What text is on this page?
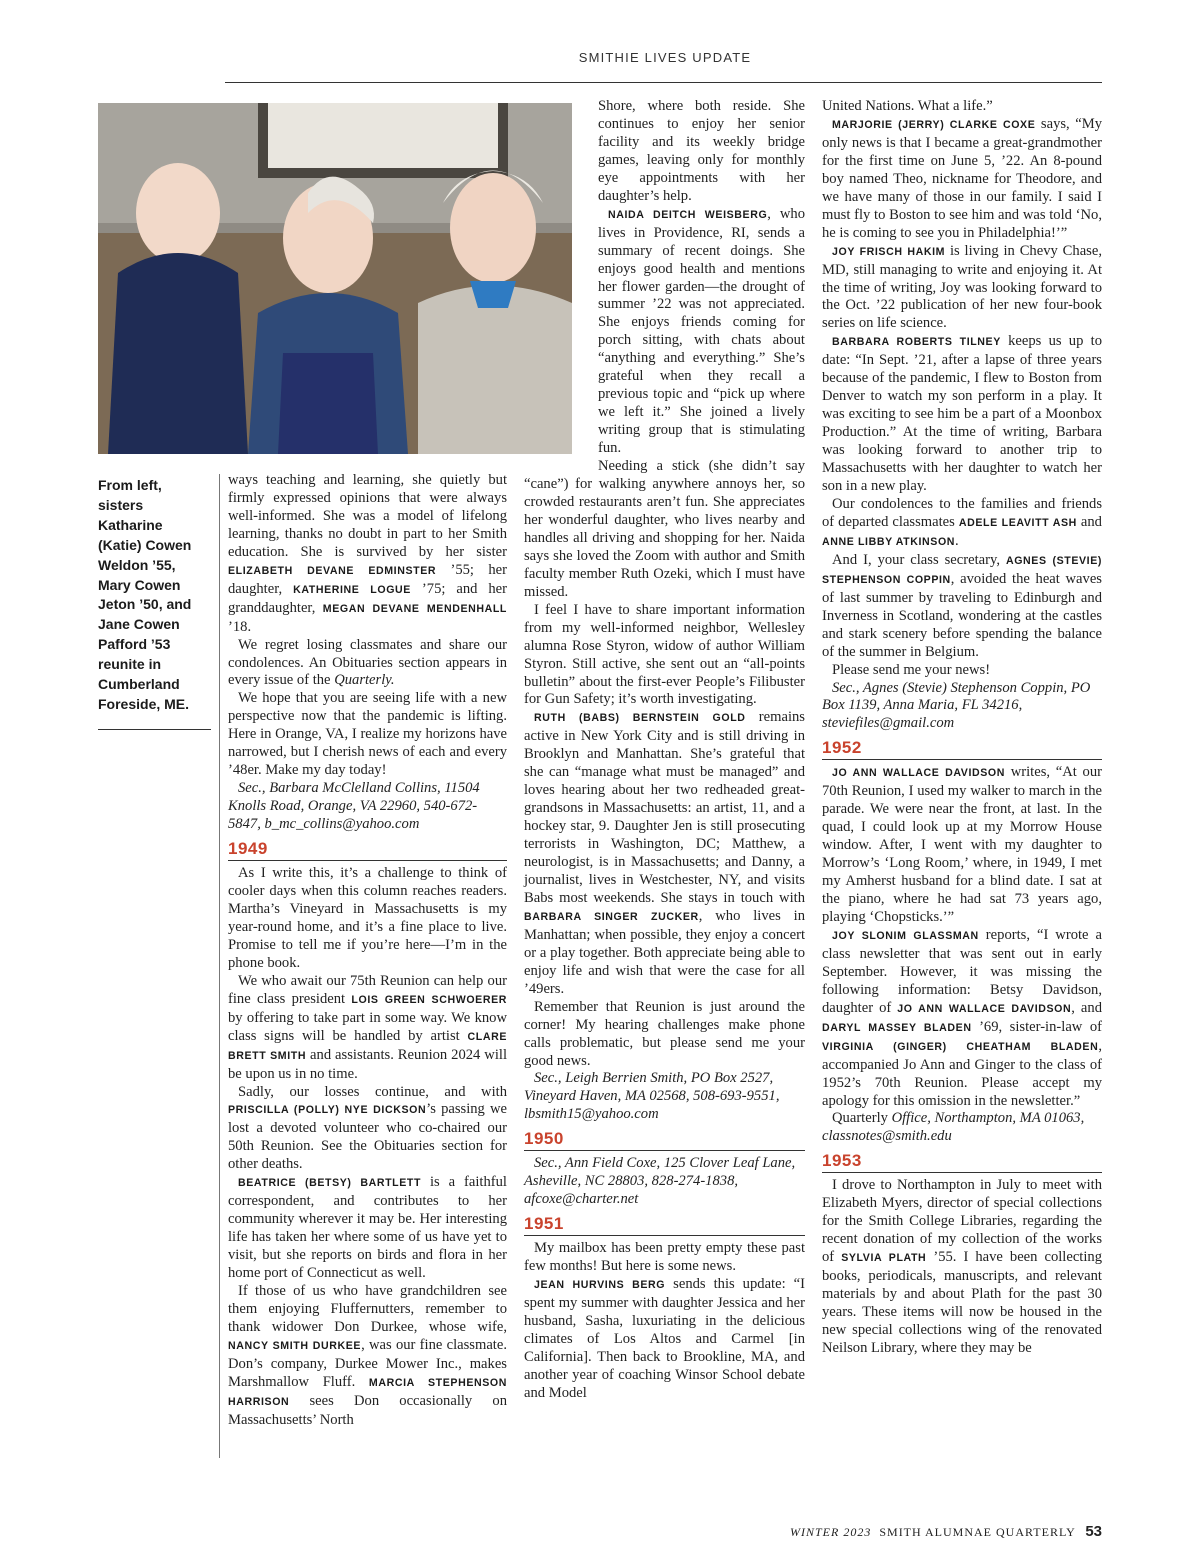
SMITHIE LIVES UPDATE
From left, sisters Katharine (Katie) Cowen Weldon ’55, Mary Cowen Jeton ’50, and Jane Cowen Pafford ’53 reunite in Cumberland Foreside, ME.

ways teaching and learning, she quietly but firmly expressed opinions that were always well-informed. She was a model of lifelong learning, thanks no doubt in part to her Smith education. She is survived by her sister ELIZABETH DEVANE EDMINSTER ’55; her daughter, KATHERINE LOGUE ’75; and her granddaughter, MEGAN DEVANE MENDENHALL ’18.

We regret losing classmates and share our condolences. An Obituaries section appears in every issue of the Quarterly.

We hope that you are seeing life with a new perspective now that the pandemic is lifting. Here in Orange, VA, I realize my horizons have narrowed, but I cherish news of each and every ’48er. Make my day today!

Sec., Barbara McClelland Collins, 11504 Knolls Road, Orange, VA 22960, 540-672-5847, b_mc_collins@yahoo.com

1949

As I write this, it’s a challenge to think of cooler days when this column reaches readers. Martha’s Vineyard in Massachusetts is my year-round home, and it’s a fine place to live. Promise to tell me if you’re here—I’m in the phone book.

We who await our 75th Reunion can help our fine class president LOIS GREEN SCHWOERER by offering to take part in some way. We know class signs will be handled by artist CLARE BRETT SMITH and assistants. Reunion 2024 will be upon us in no time.

Sadly, our losses continue, and with PRISCILLA (POLLY) NYE DICKSON’s passing we lost a devoted volunteer who co-chaired our 50th Reunion. See the Obituaries section for other deaths.

BEATRICE (BETSY) BARTLETT is a faithful correspondent, and contributes to her community wherever it may be. Her interesting life has taken her where some of us have yet to visit, but she reports on birds and flora in her home port of Connecticut as well.

If those of us who have grandchildren see them enjoying Fluffernutters, remember to thank widower Don Durkee, whose wife, NANCY SMITH DURKEE, was our fine classmate. Don’s company, Durkee Mower Inc., makes Marshmallow Fluff. MARCIA STEPHENSON HARRISON sees Don occasionally on Massachusetts’ North

Shore, where both reside. She continues to enjoy her senior facility and its weekly bridge games, leaving only for monthly eye appointments with her daughter’s help.

NAIDA DEITCH WEISBERG, who lives in Providence, RI, sends a summary of recent doings. She enjoys good health and mentions her flower garden—the drought of summer ’22 was not appreciated. She enjoys friends coming for porch sitting, with chats about “anything and everything.” She’s grateful when they recall a previous topic and “pick up where we left it.” She joined a lively writing group that is stimulating fun.

Needing a stick (she didn’t say “cane”) for walking anywhere annoys her, so crowded restaurants aren’t fun. She appreciates her wonderful daughter, who lives nearby and handles all driving and shopping for her. Naida says she loved the Zoom with author and Smith faculty member Ruth Ozeki, which I must have missed.

I feel I have to share important information from my well-informed neighbor, Wellesley alumna Rose Styron, widow of author William Styron. Still active, she sent out an “all-points bulletin” about the first-ever People’s Filibuster for Gun Safety; it’s worth investigating.

RUTH (BABS) BERNSTEIN GOLD remains active in New York City and is still driving in Brooklyn and Manhattan. She’s grateful that she can “manage what must be managed” and loves hearing about her two redheaded great-grandsons in Massachusetts: an artist, 11, and a hockey star, 9. Daughter Jen is still prosecuting terrorists in Washington, DC; Matthew, a neurologist, is in Massachusetts; and Danny, a journalist, lives in Westchester, NY, and visits Babs most weekends. She stays in touch with BARBARA SINGER ZUCKER, who lives in Manhattan; when possible, they enjoy a concert or a play together. Both appreciate being able to enjoy life and wish that were the case for all ’49ers.

Remember that Reunion is just around the corner! My hearing challenges make phone calls problematic, but please send me your good news.

Sec., Leigh Berrien Smith, PO Box 2527, Vineyard Haven, MA 02568, 508-693-9551, lbsmith15@yahoo.com

1950

Sec., Ann Field Coxe, 125 Clover Leaf Lane, Asheville, NC 28803, 828-274-1838, afcoxe@charter.net

1951

My mailbox has been pretty empty these past few months! But here is some news.

JEAN HURVINS BERG sends this update: “I spent my summer with daughter Jessica and her husband, Sasha, luxuriating in the delicious climates of Los Altos and Carmel [in California]. Then back to Brookline, MA, and another year of coaching Winsor School debate and Model

United Nations. What a life.”

MARJORIE (JERRY) CLARKE COXE says, “My only news is that I became a great-grandmother for the first time on June 5, ’22. An 8-pound boy named Theo, nickname for Theodore, and we have many of those in our family. I said I must fly to Boston to see him and was told ‘No, he is coming to see you in Philadelphia!’”

JOY FRISCH HAKIM is living in Chevy Chase, MD, still managing to write and enjoying it. At the time of writing, Joy was looking forward to the Oct. ’22 publication of her new four-book series on life science.

BARBARA ROBERTS TILNEY keeps us up to date: “In Sept. ’21, after a lapse of three years because of the pandemic, I flew to Boston from Denver to watch my son perform in a play. It was exciting to see him be a part of a Moonbox Production.” At the time of writing, Barbara was looking forward to another trip to Massachusetts with her daughter to watch her son in a new play.

Our condolences to the families and friends of departed classmates ADELE LEAVITT ASH and ANNE LIBBY ATKINSON.

And I, your class secretary, AGNES (STEVIE) STEPHENSON COPPIN, avoided the heat waves of last summer by traveling to Edinburgh and Inverness in Scotland, wondering at the castles and stark scenery before spending the balance of the summer in Belgium.

Please send me your news!

Sec., Agnes (Stevie) Stephenson Coppin, PO Box 1139, Anna Maria, FL 34216, steviefiles@gmail.com

1952

JO ANN WALLACE DAVIDSON writes, “At our 70th Reunion, I used my walker to march in the parade. We were near the front, at last. In the quad, I could look up at my Morrow House window. After, I went with my daughter to Morrow’s ‘Long Room,’ where, in 1949, I met my Amherst husband for a blind date. I sat at the piano, where he had sat 73 years ago, playing ‘Chopsticks.’”

JOY SLONIM GLASSMAN reports, “I wrote a class newsletter that was sent out in early September. However, it was missing the following information: Betsy Davidson, daughter of JO ANN WALLACE DAVIDSON, and DARYL MASSEY BLADEN ’69, sister-in-law of VIRGINIA (GINGER) CHEATHAM BLADEN, accompanied Jo Ann and Ginger to the class of 1952’s 70th Reunion. Please accept my apology for this omission in the newsletter.”

Quarterly Office, Northampton, MA 01063, classnotes@smith.edu

1953

I drove to Northampton in July to meet with Elizabeth Myers, director of special collections for the Smith College Libraries, regarding the recent donation of my collection of the works of SYLVIA PLATH ’55. I have been collecting books, periodicals, manuscripts, and relevant materials by and about Plath for the past 30 years. These items will now be housed in the new special collections wing of the renovated Neilson Library, where they may be

WINTER 2023 SMITH ALUMNAE QUARTERLY 53
